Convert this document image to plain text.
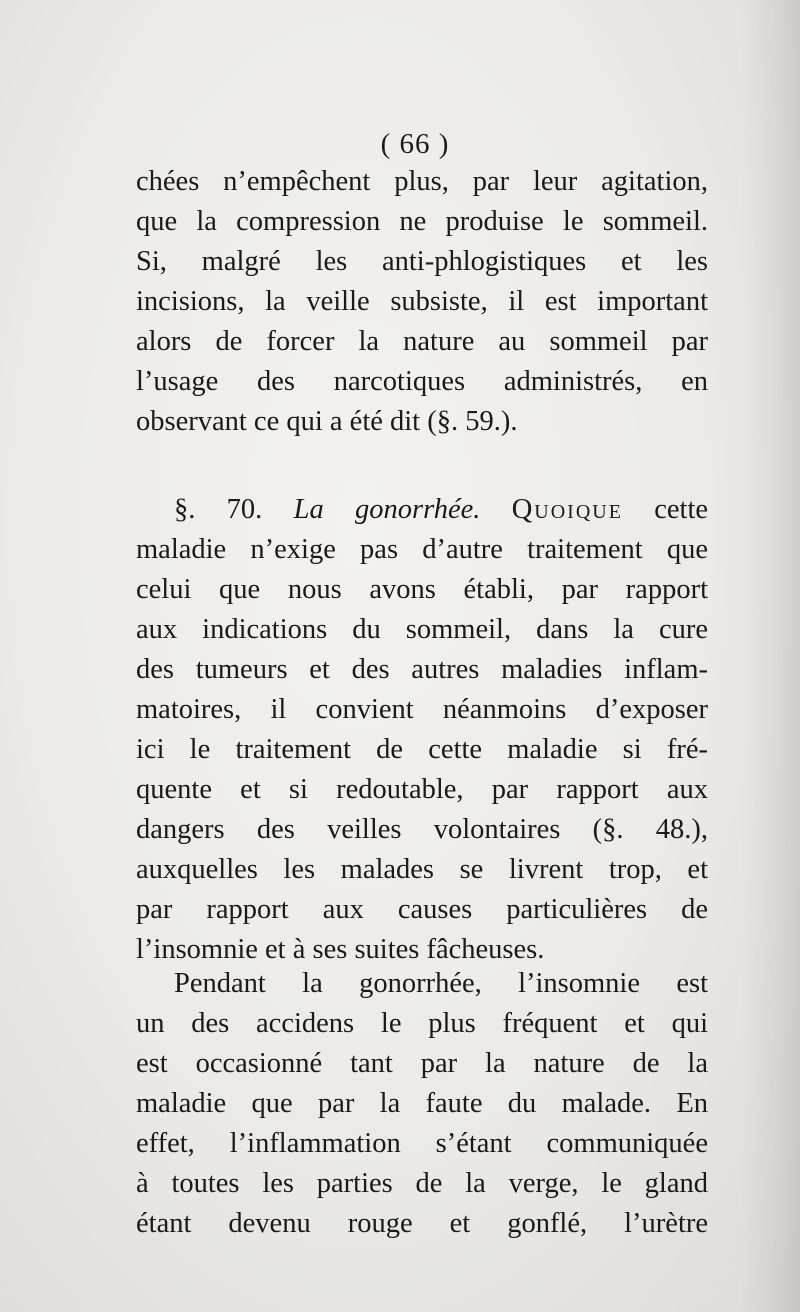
( 66 )
chées n’empêchent plus, par leur agitation,
que la compression ne produise le sommeil.
Si, malgré les anti-phlogistiques et les
incisions, la veille subsiste, il est important
alors de forcer la nature au sommeil par
l’usage des narcotiques administrés, en
observant ce qui a été dit (§. 59.).
§. 70. La gonorrhée. Quoique cette
maladie n’exige pas d’autre traitement que
celui que nous avons établi, par rapport
aux indications du sommeil, dans la cure
des tumeurs et des autres maladies inflam-
matoires, il convient néanmoins d’exposer
ici le traitement de cette maladie si fré-
quente et si redoutable, par rapport aux
dangers des veilles volontaires (§. 48.),
auxquelles les malades se livrent trop, et
par rapport aux causes particulières de
l’insomnie et à ses suites fâcheuses.
Pendant la gonorrhée, l’insomnie est
un des accidens le plus fréquent et qui
est occasionné tant par la nature de la
maladie que par la faute du malade. En
effet, l’inflammation s’étant communiquée
à toutes les parties de la verge, le gland
étant devenu rouge et gonflé, l’urètre
